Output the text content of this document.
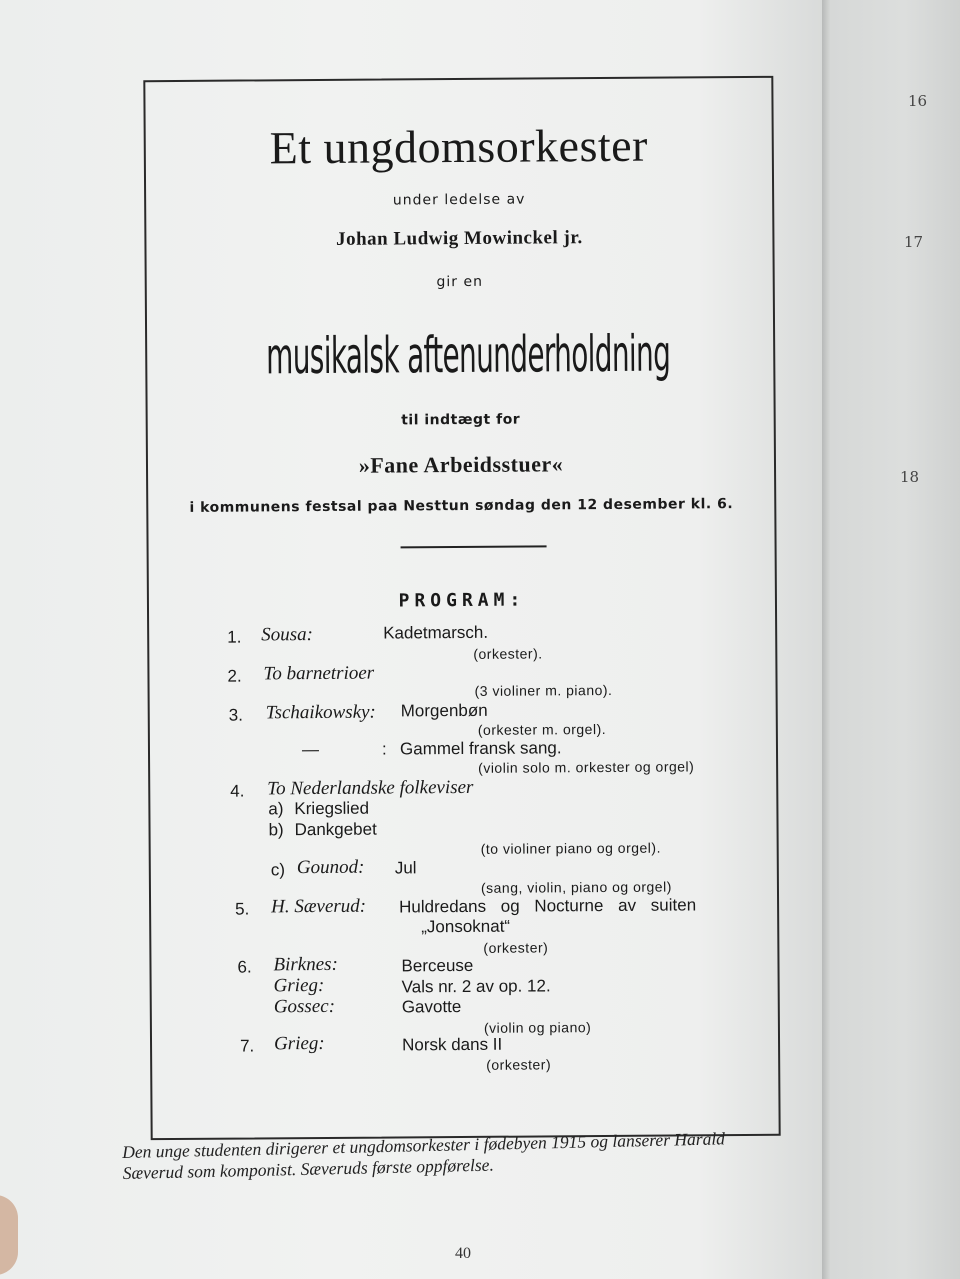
16
17
18
Et ungdomsorkester
under ledelse av
Johan Ludwig Mowinckel jr.
gir en
musikalsk aftenunderholdning
til indtægt for
»Fane Arbeidsstuer«
i kommunens festsal paa Nesttun søndag den 12 desember kl. 6.
PROGRAM:
1. Sousa:	Kadetmarsch.
(orkester).
2. To barnetrioer
(3 violiner m. piano).
3. Tschaikowsky: Morgenbøn
(orkester m. orgel).
—	: Gammel fransk sang.
(violin solo m. orkester og orgel)
4. To Nederlandske folkeviser
a) Kriegslied
b) Dankgebet
(to violiner piano og orgel).
c) Gounod: Jul
(sang, violin, piano og orgel)
5. H. Sæverud: Huldredans og Nocturne av suiten
„Jonsoknat“
(orkester)
6. Birknes:	Berceuse
Grieg:	Vals nr. 2 av op. 12.
Gossec:	Gavotte
(violin og piano)
7. Grieg:	Norsk dans II
(orkester)
Den unge studenten dirigerer et ungdomsorkester i fødebyen 1915 og lanserer Harald
Sæverud som komponist. Sæveruds første oppførelse.
40
